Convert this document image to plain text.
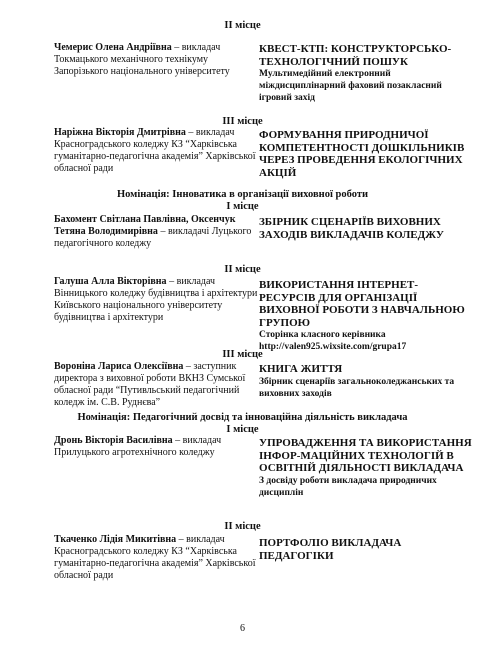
II місце
Чемерис Олена Андріївна – викладач Токмацького механічного технікуму Запорізького національного університету
КВЕСТ-КТП: КОНСТРУКТОРСЬКО-ТЕХНОЛОГІЧНИЙ ПОШУК
Мультимедійний електронний міждисциплінарний фаховий позакласний ігровий захід
III місце
Наріжна Вікторія Дмитрівна – викладач Красноградського коледжу КЗ “Харківська гуманітарно-педагогічна академія” Харківської обласної ради
ФОРМУВАННЯ ПРИРОДНИЧОЇ КОМПЕТЕНТНОСТІ ДОШКІЛЬНИКІВ ЧЕРЕЗ ПРОВЕДЕННЯ ЕКОЛОГІЧНИХ АКЦІЙ
Номінація: Інноватика в організації виховної роботи
I місце
Бахомент Світлана Павлівна, Оксенчук Тетяна Володимирівна – викладачі Луцького педагогічного коледжу
ЗБІРНИК СЦЕНАРІЇВ ВИХОВНИХ ЗАХОДІВ ВИКЛАДАЧІВ КОЛЕДЖУ
II місце
Галуша Алла Вікторівна – викладач Вінницького коледжу будівництва і архітектури Київського національного університету будівництва і архітектури
ВИКОРИСТАННЯ ІНТЕРНЕТ-РЕСУРСІВ ДЛЯ ОРГАНІЗАЦІЇ ВИХОВНОЇ РОБОТИ З НАВЧАЛЬНОЮ ГРУПОЮ
Сторінка класного керівника
http://valen925.wixsite.com/grupa17
III місце
Вороніна Лариса Олексіївна – заступник директора з виховної роботи ВКНЗ Сумської обласної ради “Путивльський педагогічний коледж ім. С.В. Руднєва”
КНИГА ЖИТТЯ
Збірник сценаріїв загальноколеджанських та виховних заходів
Номінація: Педагогічний досвід та інноваційна діяльність викладача
I місце
Дронь Вікторія Василівна – викладач Прилуцького агротехнічного коледжу
УПРОВАДЖЕННЯ ТА ВИКОРИСТАННЯ ІНФОР-МАЦІЙНИХ ТЕХНОЛОГІЙ В ОСВІТНІЙ ДІЯЛЬНОСТІ ВИКЛАДАЧА
З досвіду роботи викладача природничих дисциплін
II місце
Ткаченко Лідія Микитівна – викладач Красноградського коледжу КЗ “Харківська гуманітарно-педагогічна академія” Харківської обласної ради
ПОРТФОЛІО ВИКЛАДАЧА ПЕДАГОГІКИ
6
